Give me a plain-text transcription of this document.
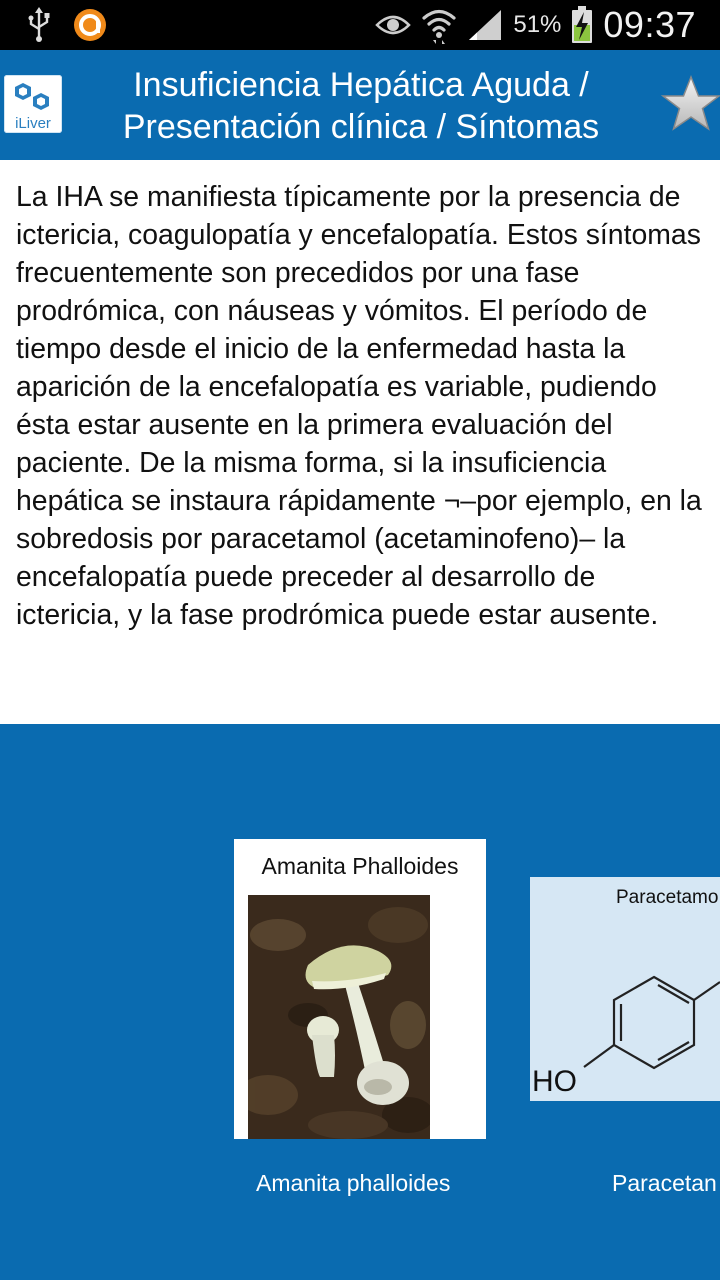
51% 09:37
iLiver
Insuficiencia Hepática Aguda /
Presentación clínica / Síntomas

La IHA se manifiesta típicamente por la presencia de ictericia, coagulopatía y encefalopatía. Estos síntomas frecuentemente son precedidos por una fase prodrómica, con náuseas y vómitos. El período de tiempo desde el inicio de la enfermedad hasta la aparición de la encefalopatía es variable, pudiendo ésta estar ausente en la primera evaluación del paciente. De la misma forma, si la insuficiencia hepática se instaura rápidamente ¬–por ejemplo, en la sobredosis por paracetamol (acetaminofeno)– la encefalopatía puede preceder al desarrollo de ictericia, y la fase prodrómica puede estar ausente.

Amanita Phalloides
Paracetamo
HO
Amanita phalloides	Paracetan
